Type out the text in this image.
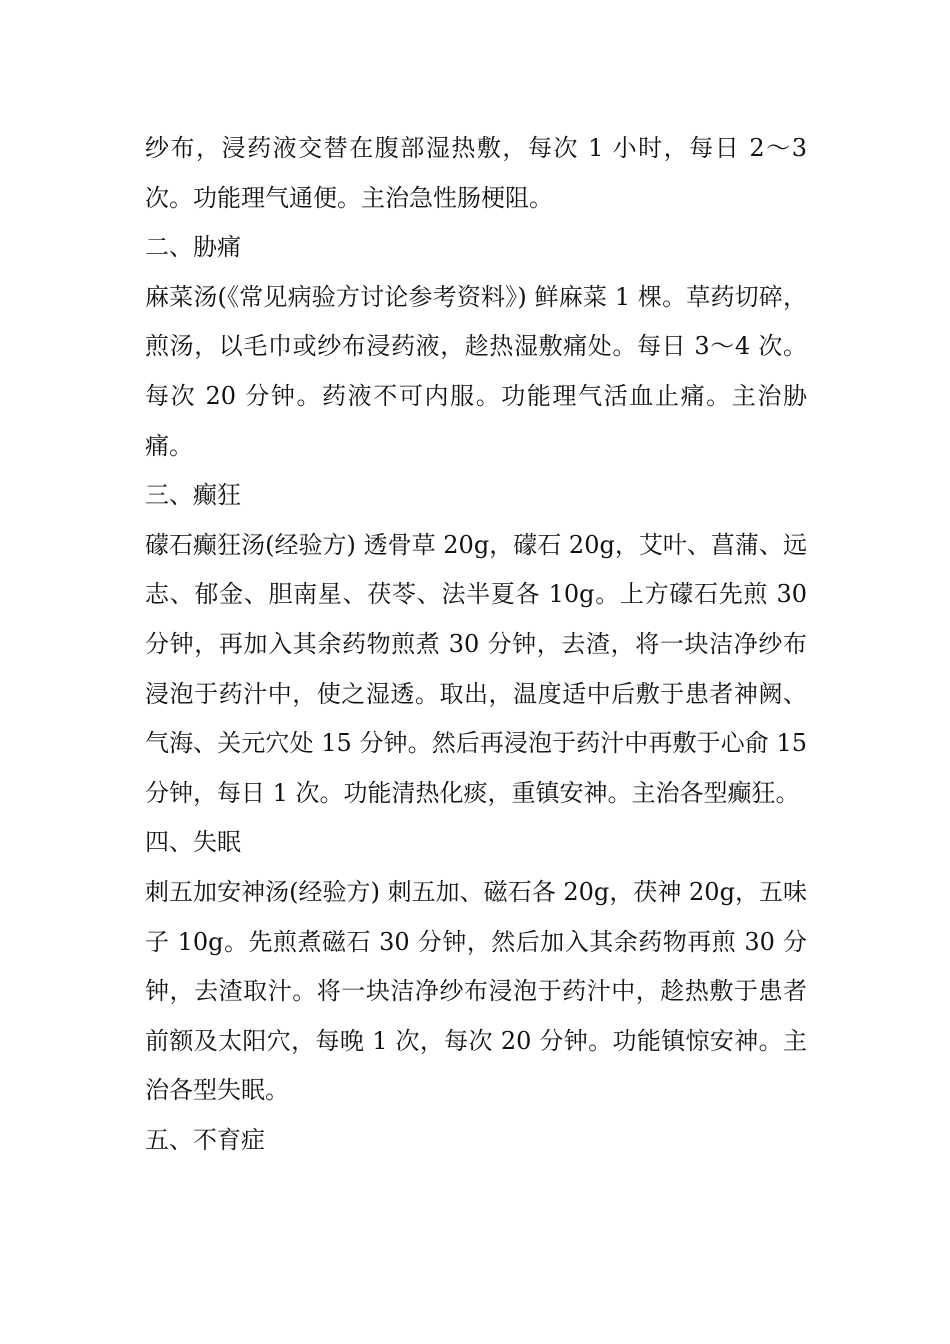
纱布，浸药液交替在腹部湿热敷，每次 1 小时，每日 2～3 次。功能理气通便。主治急性肠梗阻。

二、胁痛

麻菜汤(《常见病验方讨论参考资料》) 鲜麻菜 1 棵。草药切碎，煎汤，以毛巾或纱布浸药液，趁热湿敷痛处。每日 3～4 次。每次 20 分钟。药液不可内服。功能理气活血止痛。主治胁痛。

三、癫狂

礞石癫狂汤(经验方) 透骨草 20g，礞石 20g，艾叶、菖蒲、远志、郁金、胆南星、茯苓、法半夏各 10g。上方礞石先煎 30 分钟，再加入其余药物煎煮 30 分钟，去渣，将一块洁净纱布浸泡于药汁中，使之湿透。取出，温度适中后敷于患者神阙、气海、关元穴处 15 分钟。然后再浸泡于药汁中再敷于心俞 15 分钟，每日 1 次。功能清热化痰，重镇安神。主治各型癫狂。

四、失眠

刺五加安神汤(经验方) 刺五加、磁石各 20g，茯神 20g，五味子 10g。先煎煮磁石 30 分钟，然后加入其余药物再煎 30 分钟，去渣取汁。将一块洁净纱布浸泡于药汁中，趁热敷于患者前额及太阳穴，每晚 1 次，每次 20 分钟。功能镇惊安神。主治各型失眠。

五、不育症
